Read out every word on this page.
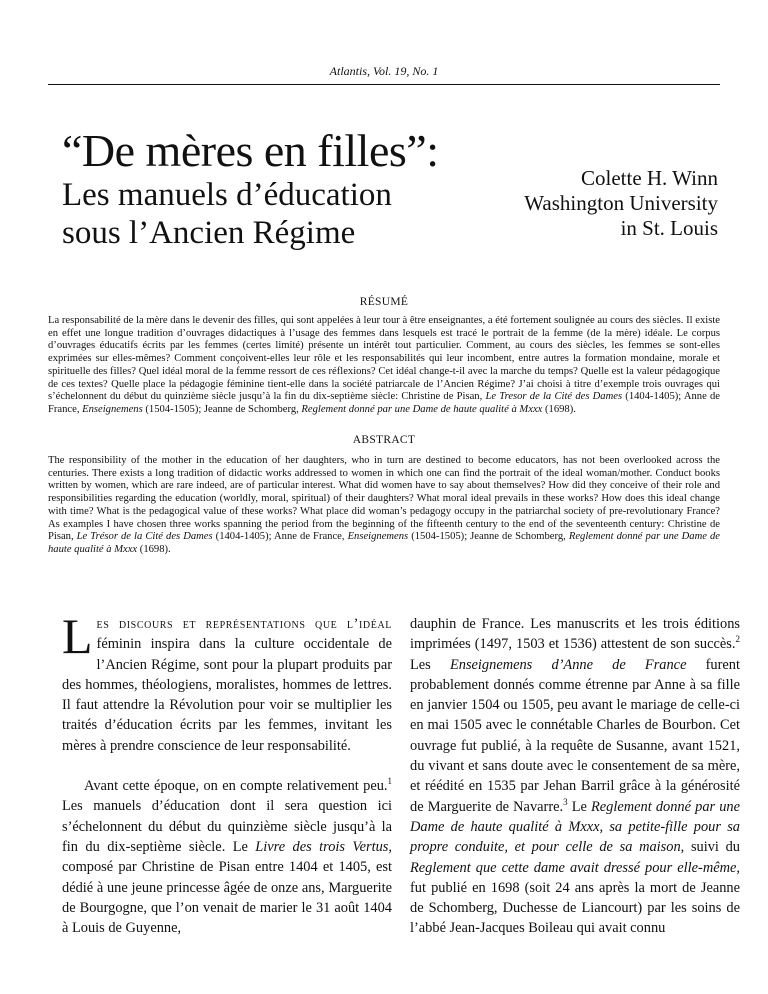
Atlantis, Vol. 19, No. 1
“De mères en filles”:
Les manuels d’éducation
sous l’Ancien Régime
Colette H. Winn
Washington University
in St. Louis
RÉSUMÉ
La responsabilité de la mère dans le devenir des filles, qui sont appelées à leur tour à être enseignantes, a été fortement soulignée au cours des siècles. Il existe en effet une longue tradition d’ouvrages didactiques à l’usage des femmes dans lesquels est tracé le portrait de la femme (de la mère) idéale. Le corpus d’ouvrages éducatifs écrits par les femmes (certes limité) présente un intérêt tout particulier. Comment, au cours des siècles, les femmes se sont-elles exprimées sur elles-mêmes? Comment conçoivent-elles leur rôle et les responsabilités qui leur incombent, entre autres la formation mondaine, morale et spirituelle des filles? Quel idéal moral de la femme ressort de ces réflexions? Cet idéal change-t-il avec la marche du temps? Quelle est la valeur pédagogique de ces textes? Quelle place la pédagogie féminine tient-elle dans la société patriarcale de l’Ancien Régime? J’ai choisi à titre d’exemple trois ouvrages qui s’échelonnent du début du quinzième siècle jusqu’à la fin du dix-septième siècle: Christine de Pisan, Le Tresor de la Cité des Dames (1404-1405); Anne de France, Enseignemens (1504-1505); Jeanne de Schomberg, Reglement donné par une Dame de haute qualité à Mxxx (1698).
ABSTRACT
The responsibility of the mother in the education of her daughters, who in turn are destined to become educators, has not been overlooked across the centuries. There exists a long tradition of didactic works addressed to women in which one can find the portrait of the ideal woman/mother. Conduct books written by women, which are rare indeed, are of particular interest. What did women have to say about themselves? How did they conceive of their role and responsibilities regarding the education (worldly, moral, spiritual) of their daughters? What moral ideal prevails in these works? How does this ideal change with time? What is the pedagogical value of these works? What place did woman’s pedagogy occupy in the patriarchal society of pre-revolutionary France? As examples I have chosen three works spanning the period from the beginning of the fifteenth century to the end of the seventeenth century: Christine de Pisan, Le Trésor de la Cité des Dames (1404-1405); Anne de France, Enseignemens (1504-1505); Jeanne de Schomberg, Reglement donné par une Dame de haute qualité à Mxxx (1698).

Les discours et représentations que l’idéal féminin inspira dans la culture occidentale de l’Ancien Régime, sont pour la plupart produits par des hommes, théologiens, moralistes, hommes de lettres. Il faut attendre la Révolution pour voir se multiplier les traités d’éducation écrits par les femmes, invitant les mères à prendre conscience de leur responsabilité.

Avant cette époque, on en compte relativement peu.$^1$ Les manuels d’éducation dont il sera question ici s’échelonnent du début du quinzième siècle jusqu’à la fin du dix-septième siècle. Le Livre des trois Vertus, composé par Christine de Pisan entre 1404 et 1405, est dédié à une jeune princesse âgée de onze ans, Marguerite de Bourgogne, que l’on venait de marier le 31 août 1404 à Louis de Guyenne,

dauphin de France. Les manuscrits et les trois éditions imprimées (1497, 1503 et 1536) attestent de son succès.$^2$ Les Enseignemens d’Anne de France furent probablement donnés comme étrenne par Anne à sa fille en janvier 1504 ou 1505, peu avant le mariage de celle-ci en mai 1505 avec le connétable Charles de Bourbon. Cet ouvrage fut publié, à la requête de Susanne, avant 1521, du vivant et sans doute avec le consentement de sa mère, et réédité en 1535 par Jehan Barril grâce à la générosité de Marguerite de Navarre.$^3$ Le Reglement donné par une Dame de haute qualité à Mxxx, sa petite-fille pour sa propre conduite, et pour celle de sa maison, suivi du Reglement que cette dame avait dressé pour elle-même, fut publié en 1698 (soit 24 ans après la mort de Jeanne de Schomberg, Duchesse de Liancourt) par les soins de l’abbé Jean-Jacques Boileau qui avait connu
